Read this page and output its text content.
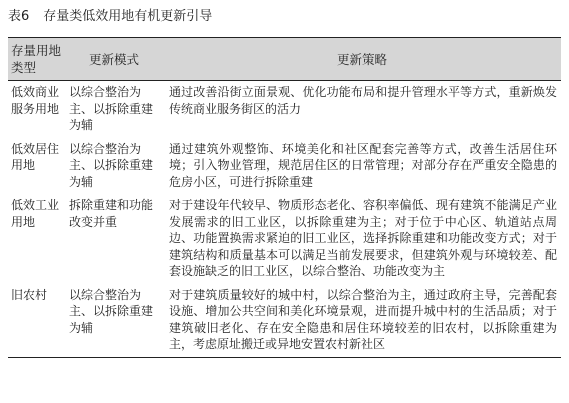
表6 存量类低效用地有机更新引导
存量用地类型	更新模式	更新策略
低效商业服务用地	以综合整治为主、以拆除重建为辅	通过改善沿街立面景观、优化功能布局和提升管理水平等方式，重新焕发传统商业服务街区的活力
低效居住用地	以综合整治为主、以拆除重建为辅	通过建筑外观整饰、环境美化和社区配套完善等方式，改善生活居住环境；引入物业管理，规范居住区的日常管理；对部分存在严重安全隐患的危房小区，可进行拆除重建
低效工业用地	拆除重建和功能改变并重	对于建设年代较早、物质形态老化、容积率偏低、现有建筑不能满足产业发展需求的旧工业区，以拆除重建为主；对于位于中心区、轨道站点周边、功能置换需求紧迫的旧工业区，选择拆除重建和功能改变方式；对于建筑结构和质量基本可以满足当前发展要求，但建筑外观与环境较差、配套设施缺乏的旧工业区，以综合整治、功能改变为主
旧农村	以综合整治为主、以拆除重建为辅	对于建筑质量较好的城中村，以综合整治为主，通过政府主导，完善配套设施、增加公共空间和美化环境景观，进而提升城中村的生活品质；对于建筑破旧老化、存在安全隐患和居住环境较差的旧农村，以拆除重建为主，考虑原址搬迁或异地安置农村新社区
